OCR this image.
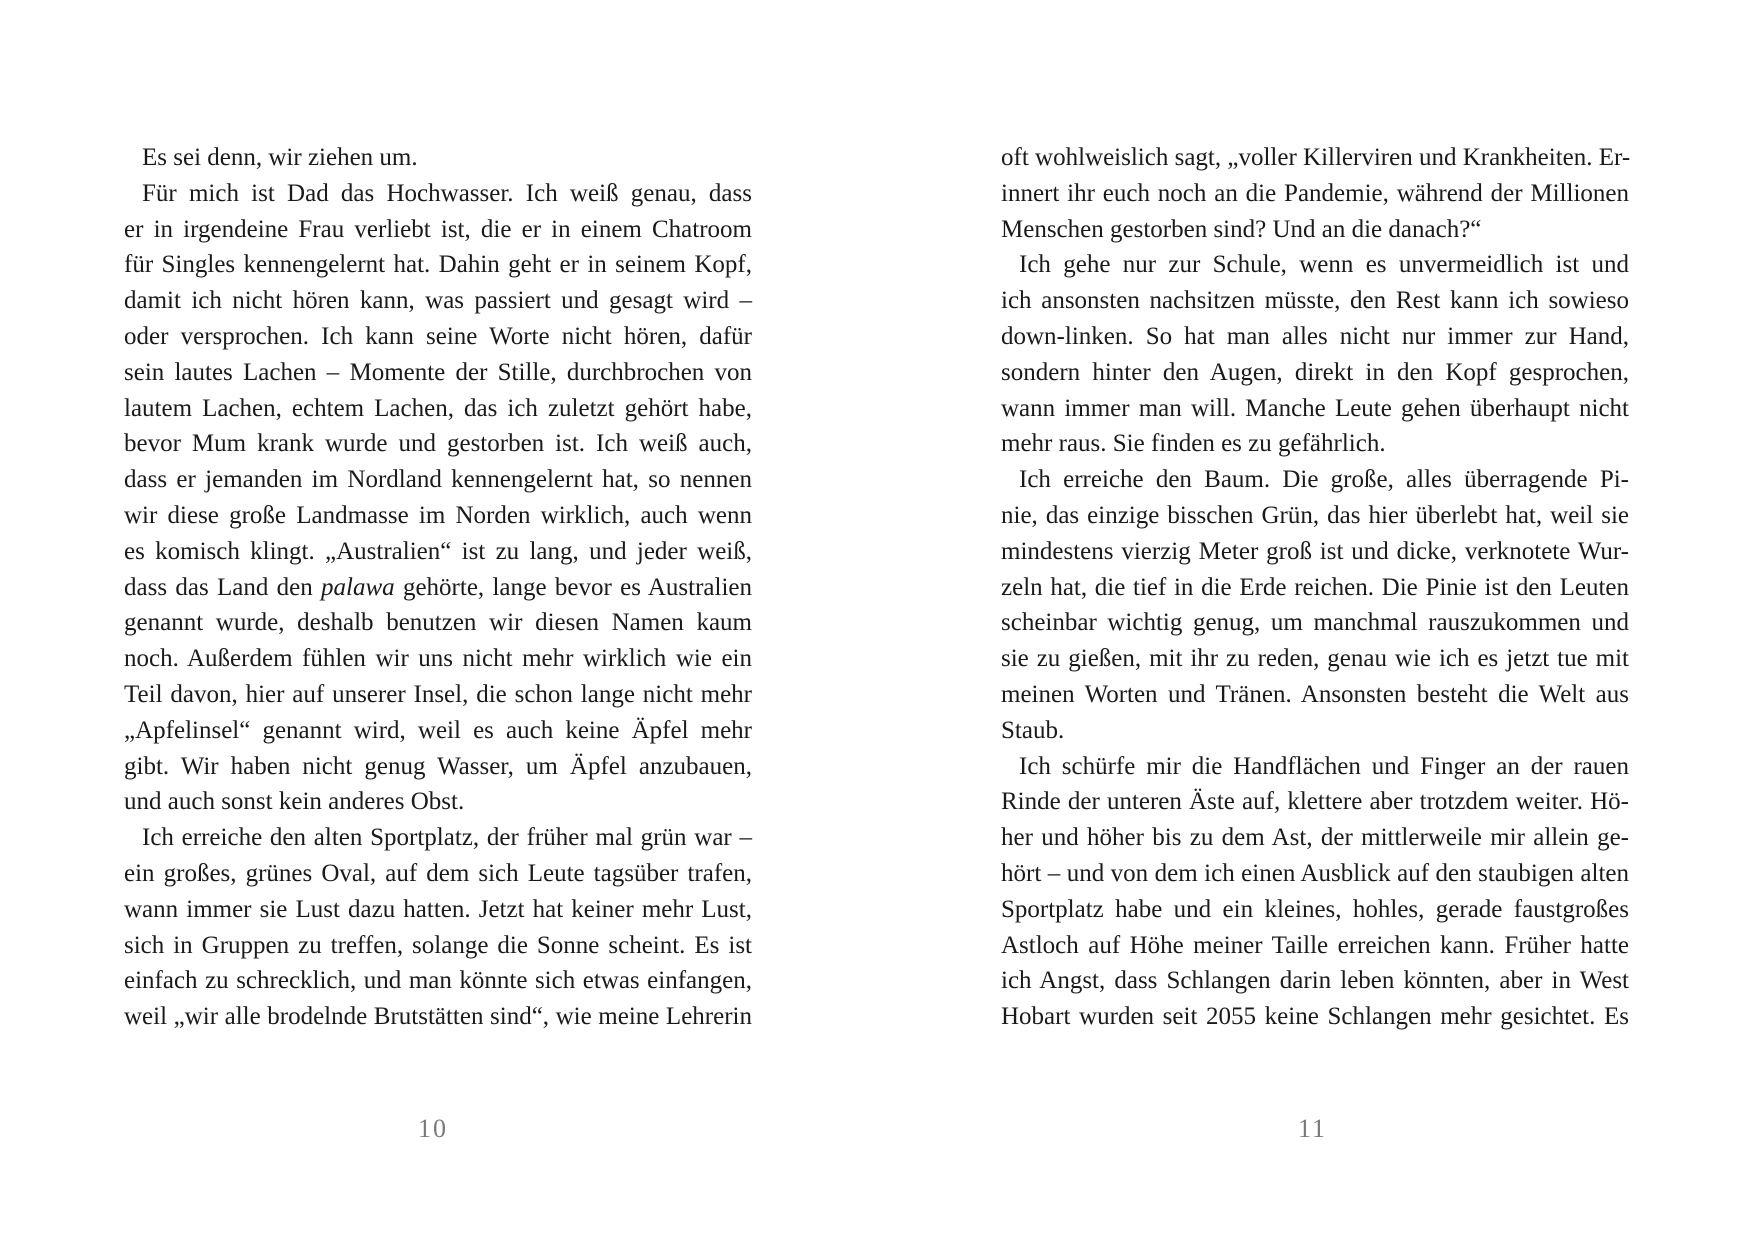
Es sei denn, wir ziehen um.
Für mich ist Dad das Hochwasser. Ich weiß genau, dass
er in irgendeine Frau verliebt ist, die er in einem Chatroom
für Singles kennengelernt hat. Dahin geht er in seinem Kopf,
damit ich nicht hören kann, was passiert und gesagt wird –
oder versprochen. Ich kann seine Worte nicht hören, dafür
sein lautes Lachen – Momente der Stille, durchbrochen von
lautem Lachen, echtem Lachen, das ich zuletzt gehört habe,
bevor Mum krank wurde und gestorben ist. Ich weiß auch,
dass er jemanden im Nordland kennengelernt hat, so nennen
wir diese große Landmasse im Norden wirklich, auch wenn
es komisch klingt. „Australien“ ist zu lang, und jeder weiß,
dass das Land den palawa gehörte, lange bevor es Australien
genannt wurde, deshalb benutzen wir diesen Namen kaum
noch. Außerdem fühlen wir uns nicht mehr wirklich wie ein
Teil davon, hier auf unserer Insel, die schon lange nicht mehr
„Apfelinsel“ genannt wird, weil es auch keine Äpfel mehr
gibt. Wir haben nicht genug Wasser, um Äpfel anzubauen,
und auch sonst kein anderes Obst.
Ich erreiche den alten Sportplatz, der früher mal grün war –
ein großes, grünes Oval, auf dem sich Leute tagsüber trafen,
wann immer sie Lust dazu hatten. Jetzt hat keiner mehr Lust,
sich in Gruppen zu treffen, solange die Sonne scheint. Es ist
einfach zu schrecklich, und man könnte sich etwas einfangen,
weil „wir alle brodelnde Brutstätten sind“, wie meine Lehrerin
10
oft wohlweislich sagt, „voller Killerviren und Krankheiten. Er-
innert ihr euch noch an die Pandemie, während der Millionen
Menschen gestorben sind? Und an die danach?“
Ich gehe nur zur Schule, wenn es unvermeidlich ist und
ich ansonsten nachsitzen müsste, den Rest kann ich sowieso
down-linken. So hat man alles nicht nur immer zur Hand,
sondern hinter den Augen, direkt in den Kopf gesprochen,
wann immer man will. Manche Leute gehen überhaupt nicht
mehr raus. Sie finden es zu gefährlich.
Ich erreiche den Baum. Die große, alles überragende Pi-
nie, das einzige bisschen Grün, das hier überlebt hat, weil sie
mindestens vierzig Meter groß ist und dicke, verknotete Wur-
zeln hat, die tief in die Erde reichen. Die Pinie ist den Leuten
scheinbar wichtig genug, um manchmal rauszukommen und
sie zu gießen, mit ihr zu reden, genau wie ich es jetzt tue mit
meinen Worten und Tränen. Ansonsten besteht die Welt aus
Staub.
Ich schürfe mir die Handflächen und Finger an der rauen
Rinde der unteren Äste auf, klettere aber trotzdem weiter. Hö-
her und höher bis zu dem Ast, der mittlerweile mir allein ge-
hört – und von dem ich einen Ausblick auf den staubigen alten
Sportplatz habe und ein kleines, hohles, gerade faustgroßes
Astloch auf Höhe meiner Taille erreichen kann. Früher hatte
ich Angst, dass Schlangen darin leben könnten, aber in West
Hobart wurden seit 2055 keine Schlangen mehr gesichtet. Es
11
